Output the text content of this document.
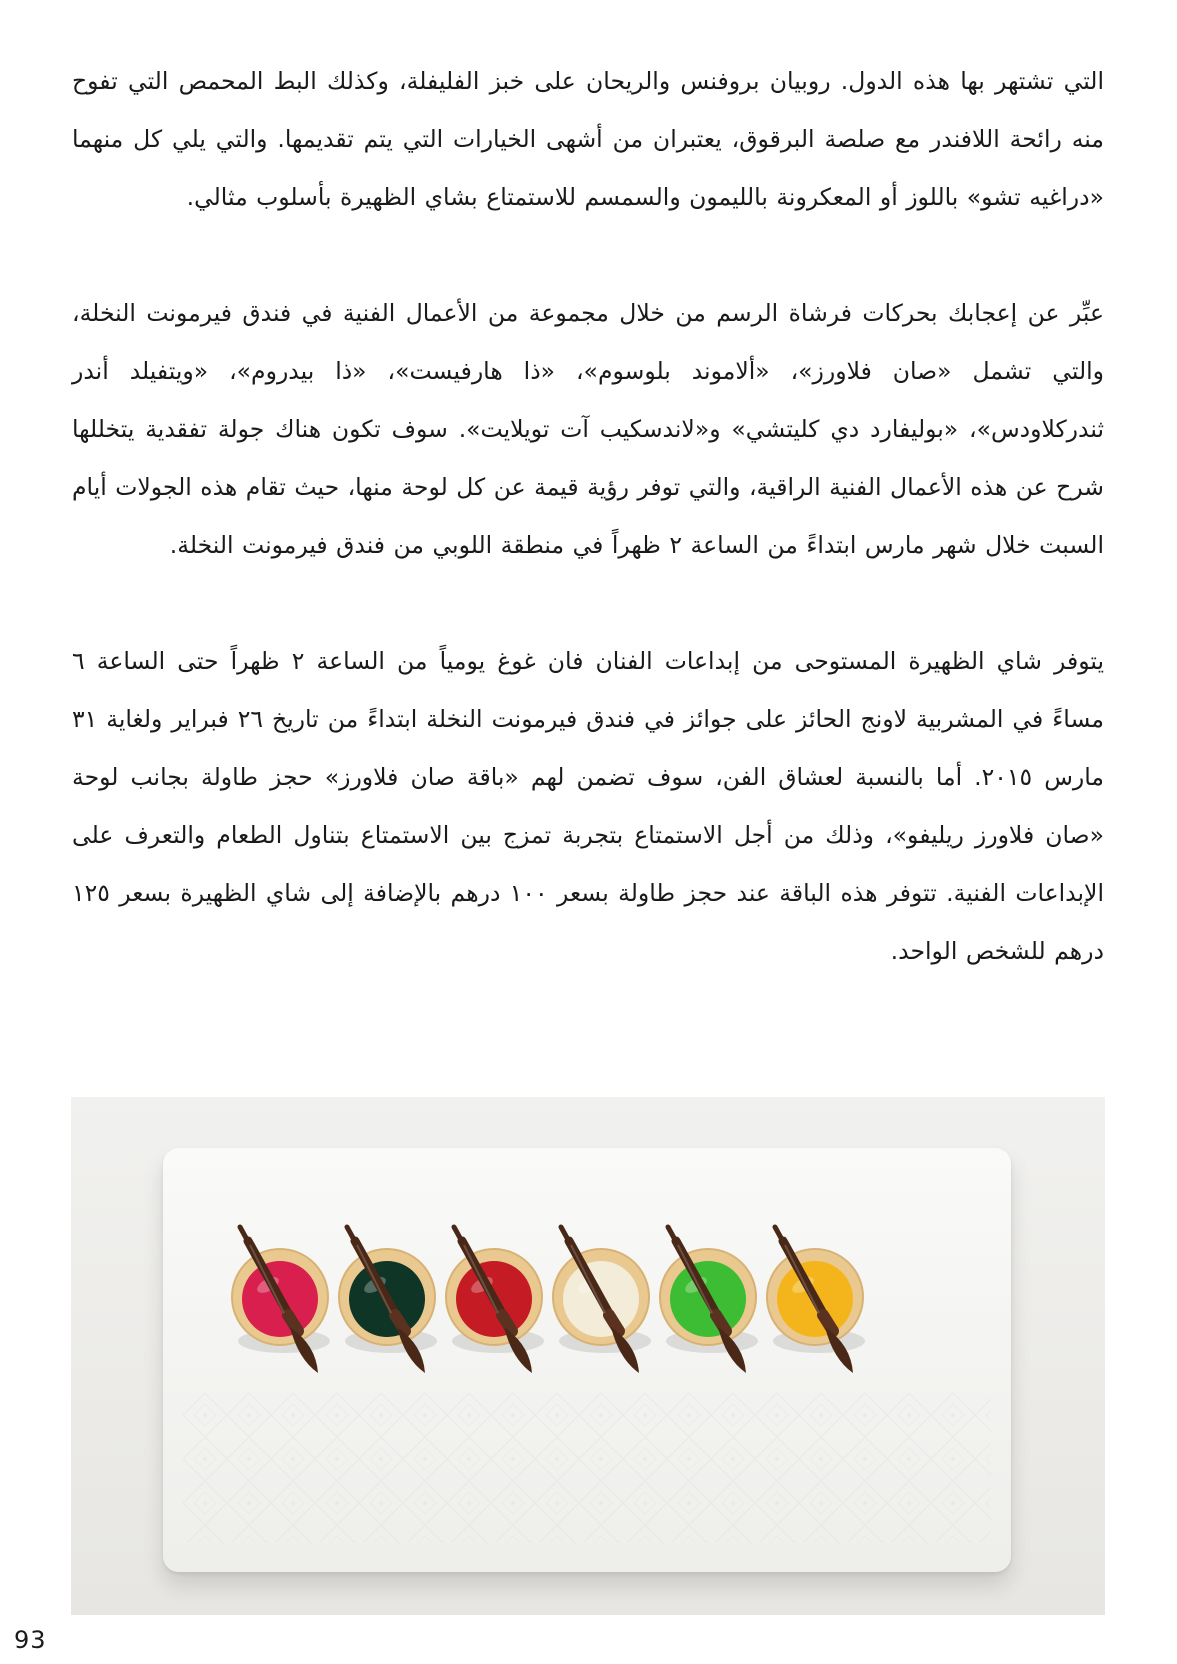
التي تشتهر بها هذه الدول. روبيان بروفنس والريحان على خبز الفليفلة، وكذلك البط المحمص التي تفوح منه رائحة اللافندر مع صلصة البرقوق، يعتبران من أشهى الخيارات التي يتم تقديمها. والتي يلي كل منهما «دراغيه تشو» باللوز أو المعكرونة بالليمون والسمسم للاستمتاع بشاي الظهيرة بأسلوب مثالي.

عبِّر عن إعجابك بحركات فرشاة الرسم من خلال مجموعة من الأعمال الفنية في فندق فيرمونت النخلة، والتي تشمل «صان فلاورز»، «ألاموند بلوسوم»، «ذا هارفيست»، «ذا بيدروم»، «ويتفيلد أندر ثندركلاودس»، «بوليفارد دي كليتشي» و«لاندسكيب آت تويلايت». سوف تكون هناك جولة تفقدية يتخللها شرح عن هذه الأعمال الفنية الراقية، والتي توفر رؤية قيمة عن كل لوحة منها، حيث تقام هذه الجولات أيام السبت خلال شهر مارس ابتداءً من الساعة ٢ ظهراً في منطقة اللوبي من فندق فيرمونت النخلة.

يتوفر شاي الظهيرة المستوحى من إبداعات الفنان فان غوغ يومياً من الساعة ٢ ظهراً حتى الساعة ٦ مساءً في المشربية لاونج الحائز على جوائز في فندق فيرمونت النخلة ابتداءً من تاريخ ٢٦ فبراير ولغاية ٣١ مارس ٢٠١٥. أما بالنسبة لعشاق الفن، سوف تضمن لهم «باقة صان فلاورز» حجز طاولة بجانب لوحة «صان فلاورز ريليفو»، وذلك من أجل الاستمتاع بتجربة تمزج بين الاستمتاع بتناول الطعام والتعرف على الإبداعات الفنية. تتوفر هذه الباقة عند حجز طاولة بسعر ١٠٠ درهم بالإضافة إلى شاي الظهيرة بسعر ١٢٥ درهم للشخص الواحد.

93
